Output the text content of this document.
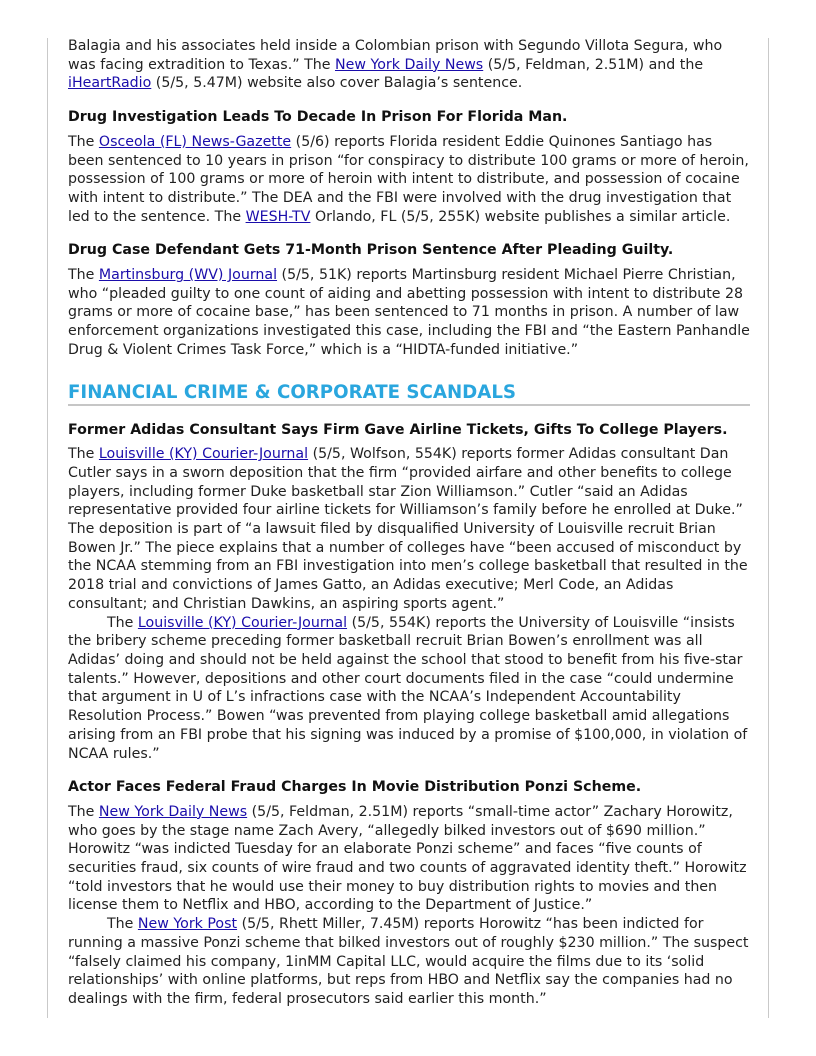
Balagia and his associates held inside a Colombian prison with Segundo Villota Segura, who was facing extradition to Texas.” The New York Daily News (5/5, Feldman, 2.51M) and the iHeartRadio (5/5, 5.47M) website also cover Balagia’s sentence.

Drug Investigation Leads To Decade In Prison For Florida Man.

The Osceola (FL) News-Gazette (5/6) reports Florida resident Eddie Quinones Santiago has been sentenced to 10 years in prison “for conspiracy to distribute 100 grams or more of heroin, possession of 100 grams or more of heroin with intent to distribute, and possession of cocaine with intent to distribute.” The DEA and the FBI were involved with the drug investigation that led to the sentence. The WESH-TV Orlando, FL (5/5, 255K) website publishes a similar article.

Drug Case Defendant Gets 71-Month Prison Sentence After Pleading Guilty.

The Martinsburg (WV) Journal (5/5, 51K) reports Martinsburg resident Michael Pierre Christian, who “pleaded guilty to one count of aiding and abetting possession with intent to distribute 28 grams or more of cocaine base,” has been sentenced to 71 months in prison. A number of law enforcement organizations investigated this case, including the FBI and “the Eastern Panhandle Drug & Violent Crimes Task Force,” which is a “HIDTA-funded initiative.”

FINANCIAL CRIME & CORPORATE SCANDALS
Former Adidas Consultant Says Firm Gave Airline Tickets, Gifts To College Players.

The Louisville (KY) Courier-Journal (5/5, Wolfson, 554K) reports former Adidas consultant Dan Cutler says in a sworn deposition that the firm “provided airfare and other benefits to college players, including former Duke basketball star Zion Williamson.” Cutler “said an Adidas representative provided four airline tickets for Williamson’s family before he enrolled at Duke.” The deposition is part of “a lawsuit filed by disqualified University of Louisville recruit Brian Bowen Jr.” The piece explains that a number of colleges have “been accused of misconduct by the NCAA stemming from an FBI investigation into men’s college basketball that resulted in the 2018 trial and convictions of James Gatto, an Adidas executive; Merl Code, an Adidas consultant; and Christian Dawkins, an aspiring sports agent.”

The Louisville (KY) Courier-Journal (5/5, 554K) reports the University of Louisville “insists the bribery scheme preceding former basketball recruit Brian Bowen’s enrollment was all Adidas’ doing and should not be held against the school that stood to benefit from his five-star talents.” However, depositions and other court documents filed in the case “could undermine that argument in U of L’s infractions case with the NCAA’s Independent Accountability Resolution Process.” Bowen “was prevented from playing college basketball amid allegations arising from an FBI probe that his signing was induced by a promise of $100,000, in violation of NCAA rules.”

Actor Faces Federal Fraud Charges In Movie Distribution Ponzi Scheme.

The New York Daily News (5/5, Feldman, 2.51M) reports “small-time actor” Zachary Horowitz, who goes by the stage name Zach Avery, “allegedly bilked investors out of $690 million.” Horowitz “was indicted Tuesday for an elaborate Ponzi scheme” and faces “five counts of securities fraud, six counts of wire fraud and two counts of aggravated identity theft.” Horowitz “told investors that he would use their money to buy distribution rights to movies and then license them to Netflix and HBO, according to the Department of Justice.”

The New York Post (5/5, Rhett Miller, 7.45M) reports Horowitz “has been indicted for running a massive Ponzi scheme that bilked investors out of roughly $230 million.” The suspect “falsely claimed his company, 1inMM Capital LLC, would acquire the films due to its ‘solid relationships’ with online platforms, but reps from HBO and Netflix say the companies had no dealings with the firm, federal prosecutors said earlier this month.”
